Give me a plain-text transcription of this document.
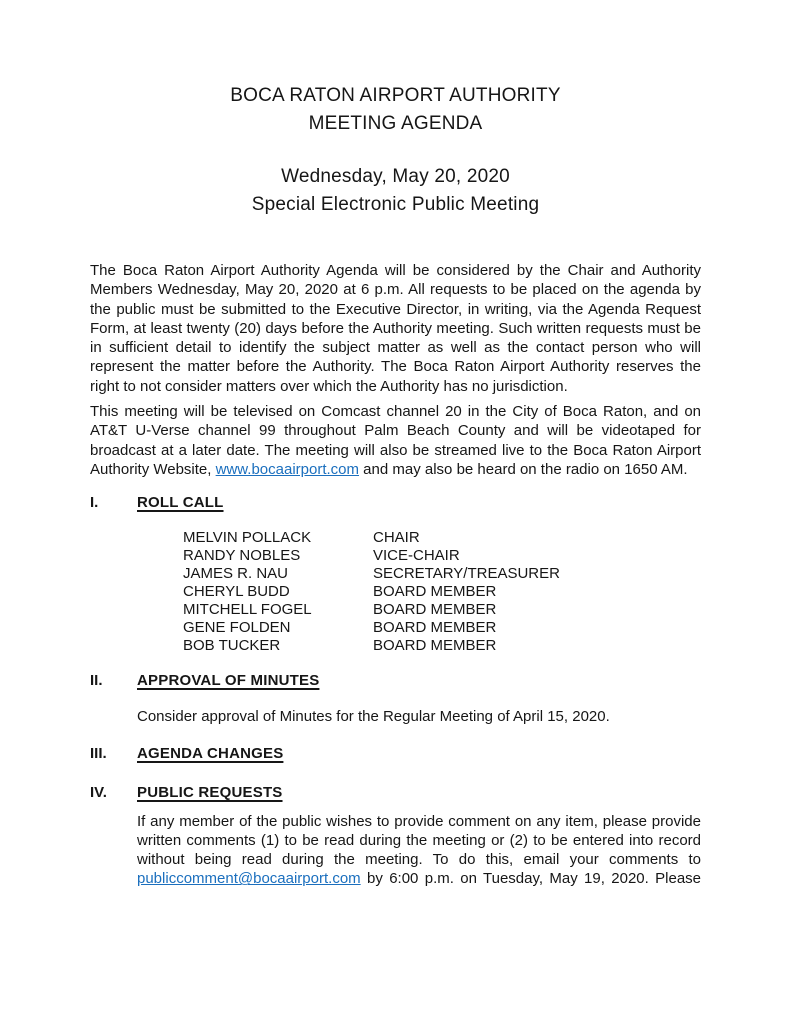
BOCA RATON AIRPORT AUTHORITY
MEETING AGENDA
Wednesday, May 20, 2020
Special Electronic Public Meeting

The Boca Raton Airport Authority Agenda will be considered by the Chair and Authority Members Wednesday, May 20, 2020 at 6 p.m. All requests to be placed on the agenda by the public must be submitted to the Executive Director, in writing, via the Agenda Request Form, at least twenty (20) days before the Authority meeting. Such written requests must be in sufficient detail to identify the subject matter as well as the contact person who will represent the matter before the Authority. The Boca Raton Airport Authority reserves the right to not consider matters over which the Authority has no jurisdiction.

This meeting will be televised on Comcast channel 20 in the City of Boca Raton, and on AT&T U-Verse channel 99 throughout Palm Beach County and will be videotaped for broadcast at a later date. The meeting will also be streamed live to the Boca Raton Airport Authority Website, www.bocaairport.com and may also be heard on the radio on 1650 AM.

I.	ROLL CALL
MELVIN POLLACK	CHAIR
RANDY NOBLES	VICE-CHAIR
JAMES R. NAU	SECRETARY/TREASURER
CHERYL BUDD	BOARD MEMBER
MITCHELL FOGEL	BOARD MEMBER
GENE FOLDEN	BOARD MEMBER
BOB TUCKER	BOARD MEMBER
II.	APPROVAL OF MINUTES

Consider approval of Minutes for the Regular Meeting of April 15, 2020.

III.	AGENDA CHANGES
IV.	PUBLIC REQUESTS

If any member of the public wishes to provide comment on any item, please provide written comments (1) to be read during the meeting or (2) to be entered into record without being read during the meeting. To do this, email your comments to publiccomment@bocaairport.com by 6:00 p.m. on Tuesday, May 19, 2020. Please
